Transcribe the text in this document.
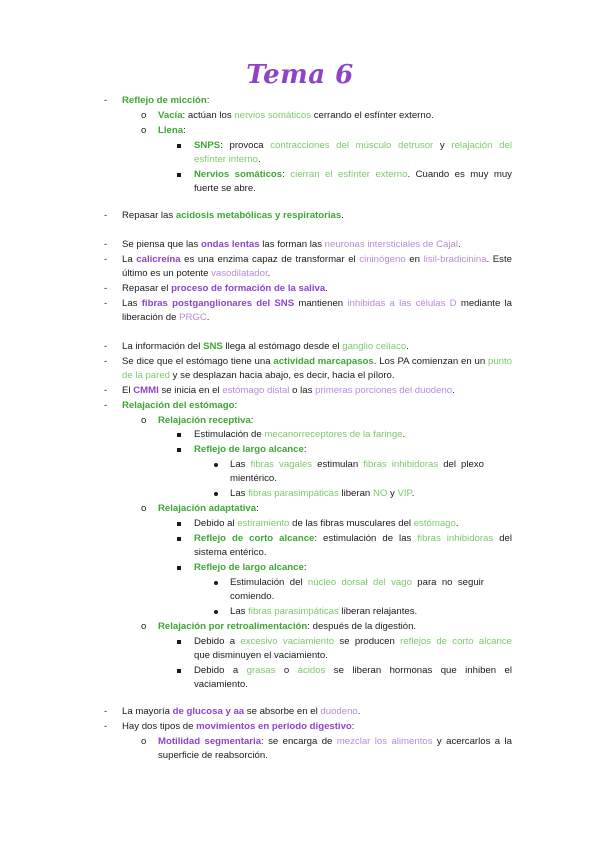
Tema 6
- Reflejo de micción:
o Vacía: actúan los nervios somáticos cerrando el esfínter externo.
o Llena:
SNPS: provoca contracciones del músculo detrusor y relajación del
esfínter interno.
Nervios somáticos: cierran el esfínter externo. Cuando es muy muy
fuerte se abre.
- Repasar las acidosis metabólicas y respiratorias.
- Se piensa que las ondas lentas las forman las neuronas intersticiales de Cajal.
- La calicreína es una enzima capaz de transformar el cininógeno en lisil-bradicinina. Este
último es un potente vasodilatador.
- Repasar el proceso de formación de la saliva.
- Las fibras postganglionares del SNS mantienen inhibidas a las células D mediante la
liberación de PRGC.
- La información del SNS llega al estómago desde el ganglio celíaco.
- Se dice que el estómago tiene una actividad marcapasos. Los PA comienzan en un punto
de la pared y se desplazan hacia abajo, es decir, hacia el píloro.
- El CMMI se inicia en el estómago distal o las primeras porciones del duodeno.
- Relajación del estómago:
o Relajación receptiva:
Estimulación de mecanorreceptores de la faringe.
Reflejo de largo alcance:
Las fibras vagales estimulan fibras inhibidoras del plexo
mientérico.
Las fibras parasimpáticas liberan NO y VIP.
o Relajación adaptativa:
Debido al estiramiento de las fibras musculares del estómago.
Reflejo de corto alcance: estimulación de las fibras inhibidoras del
sistema entérico.
Reflejo de largo alcance:
Estimulación del núcleo dorsal del vago para no seguir
comiendo.
Las fibras parasimpáticas liberan relajantes.
o Relajación por retroalimentación: después de la digestión.
Debido a excesivo vaciamiento se producen reflejos de corto alcance
que disminuyen el vaciamiento.
Debido a grasas o ácidos se liberan hormonas que inhiben el
vaciamiento.
- La mayoría de glucosa y aa se absorbe en el duodeno.
- Hay dos tipos de movimientos en período digestivo:
o Motilidad segmentaria: se encarga de mezclar los alimentos y acercarlos a la
superficie de reabsorción.
